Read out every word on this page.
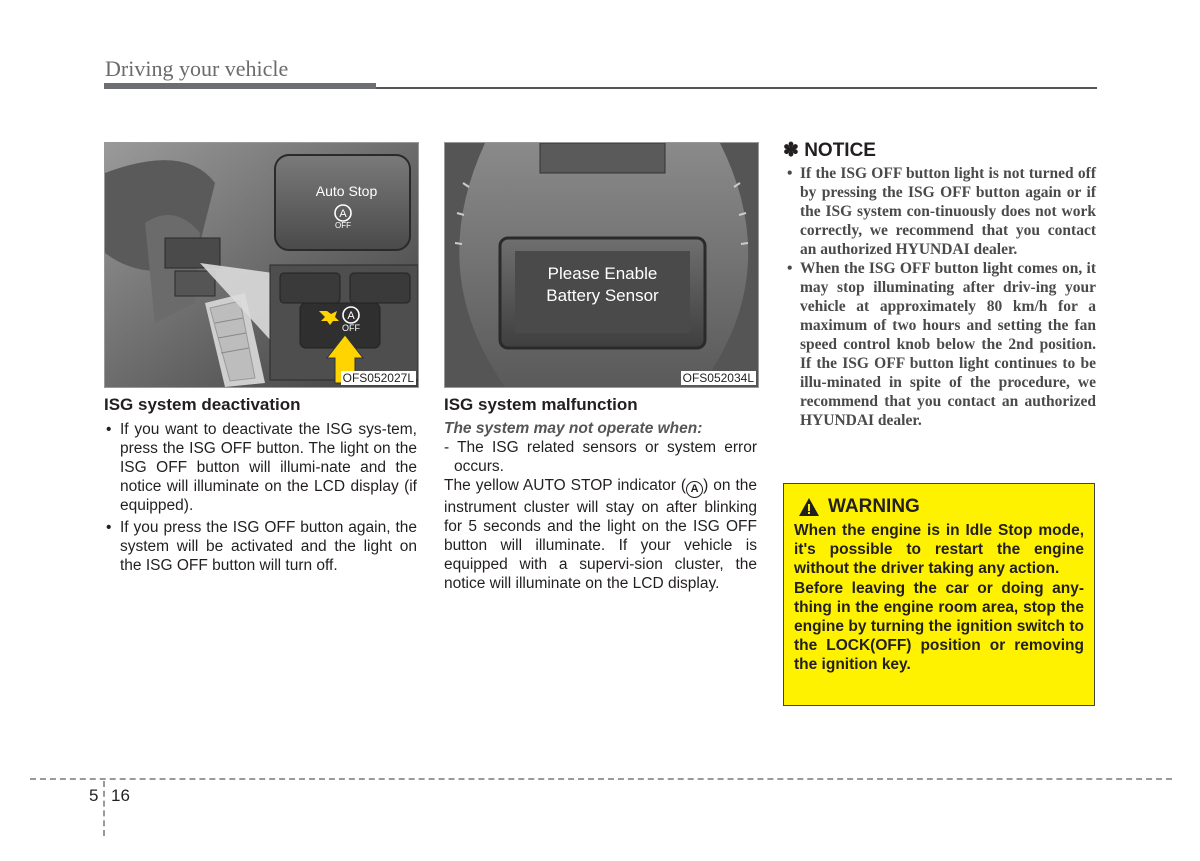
Driving your vehicle
A
A
OFF
Auto Stop
OFF
OFS052027L
Please Enable
Battery Sensor
OFS052034L
ISG system deactivation
• If you want to deactivate the ISG sys-tem, press the ISG OFF button. The light on the ISG OFF button will illumi-nate and the notice will illuminate on the LCD display (if equipped).
• If you press the ISG OFF button again, the system will be activated and the light on the ISG OFF button will turn off.
ISG system malfunction
The system may not operate when:
- The ISG related sensors or system error occurs.
The yellow AUTO STOP indicator ( A ) on the instrument cluster will stay on after blinking for 5 seconds and the light on the ISG OFF button will illuminate. If your vehicle is equipped with a supervi-sion cluster, the notice will illuminate on the LCD display.
✽ NOTICE
• If the ISG OFF button light is not turned off by pressing the ISG OFF button again or if the ISG system con-tinuously does not work correctly, we recommend that you contact an authorized HYUNDAI dealer.
• When the ISG OFF button light comes on, it may stop illuminating after driv-ing your vehicle at approximately 80 km/h for a maximum of two hours and setting the fan speed control knob below the 2nd position. If the ISG OFF button light continues to be illu-minated in spite of the procedure, we recommend that you contact an authorized HYUNDAI dealer.
WARNING

When the engine is in Idle Stop mode, it's possible to restart the engine without the driver taking any action.

Before leaving the car or doing any-thing in the engine room area, stop the engine by turning the ignition switch to the LOCK(OFF) position or removing the ignition key.

5 16
